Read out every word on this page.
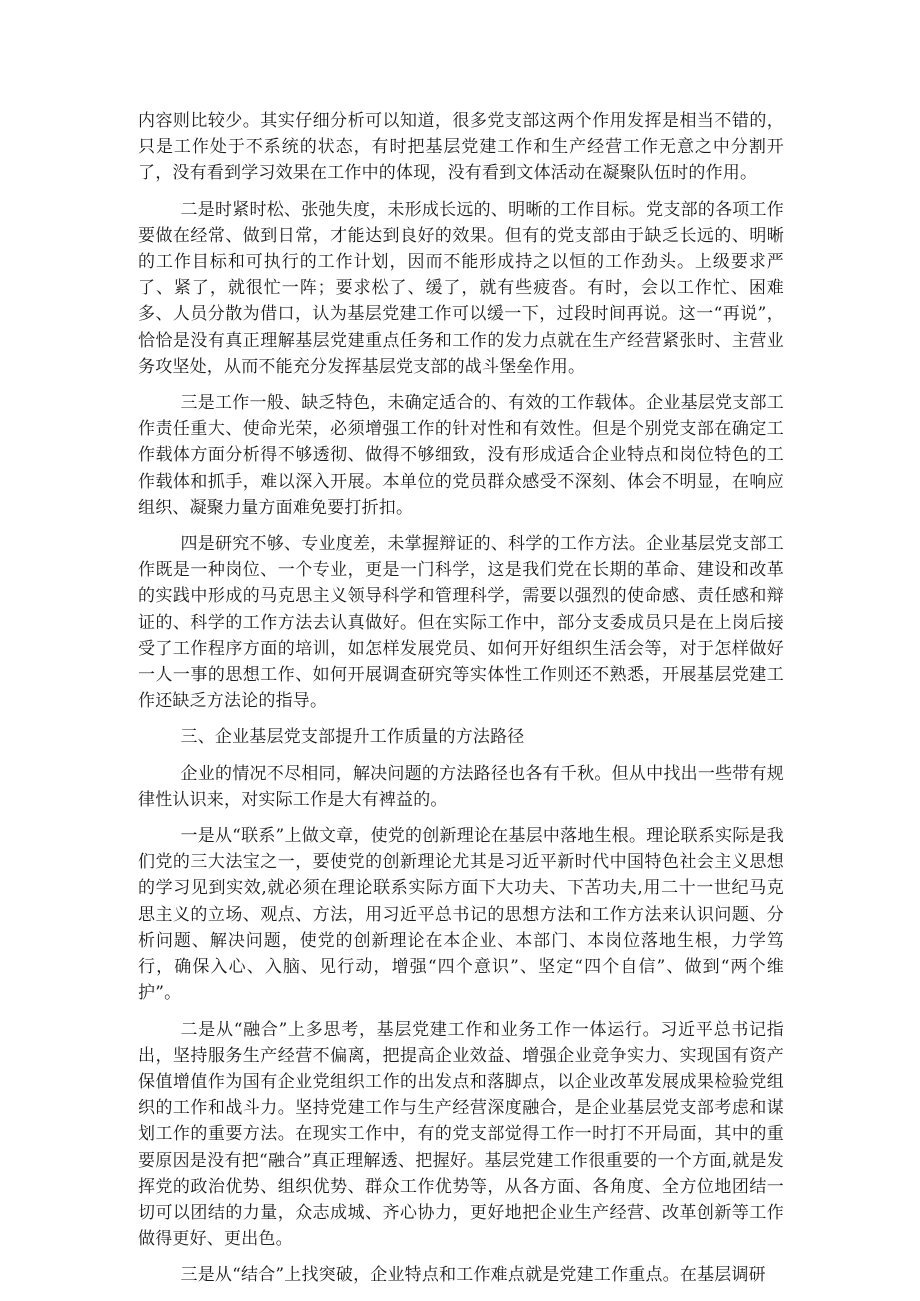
内容则比较少。其实仔细分析可以知道，很多党支部这两个作用发挥是相当不错的，只是工作处于不系统的状态，有时把基层党建工作和生产经营工作无意之中分割开了，没有看到学习效果在工作中的体现，没有看到文体活动在凝聚队伍时的作用。

二是时紧时松、张弛失度，未形成长远的、明晰的工作目标。党支部的各项工作要做在经常、做到日常，才能达到良好的效果。但有的党支部由于缺乏长远的、明晰的工作目标和可执行的工作计划，因而不能形成持之以恒的工作劲头。上级要求严了、紧了，就很忙一阵；要求松了、缓了，就有些疲沓。有时，会以工作忙、困难多、人员分散为借口，认为基层党建工作可以缓一下，过段时间再说。这一“再说”，恰恰是没有真正理解基层党建重点任务和工作的发力点就在生产经营紧张时、主营业务攻坚处，从而不能充分发挥基层党支部的战斗堡垒作用。

三是工作一般、缺乏特色，未确定适合的、有效的工作载体。企业基层党支部工作责任重大、使命光荣，必须增强工作的针对性和有效性。但是个别党支部在确定工作载体方面分析得不够透彻、做得不够细致，没有形成适合企业特点和岗位特色的工作载体和抓手，难以深入开展。本单位的党员群众感受不深刻、体会不明显，在响应组织、凝聚力量方面难免要打折扣。

四是研究不够、专业度差，未掌握辩证的、科学的工作方法。企业基层党支部工作既是一种岗位、一个专业，更是一门科学，这是我们党在长期的革命、建设和改革的实践中形成的马克思主义领导科学和管理科学，需要以强烈的使命感、责任感和辩证的、科学的工作方法去认真做好。但在实际工作中，部分支委成员只是在上岗后接受了工作程序方面的培训，如怎样发展党员、如何开好组织生活会等，对于怎样做好一人一事的思想工作、如何开展调查研究等实体性工作则还不熟悉，开展基层党建工作还缺乏方法论的指导。

三、企业基层党支部提升工作质量的方法路径

企业的情况不尽相同，解决问题的方法路径也各有千秋。但从中找出一些带有规律性认识来，对实际工作是大有裨益的。

一是从“联系”上做文章，使党的创新理论在基层中落地生根。理论联系实际是我们党的三大法宝之一，要使党的创新理论尤其是习近平新时代中国特色社会主义思想的学习见到实效,就必须在理论联系实际方面下大功夫、下苦功夫,用二十一世纪马克思主义的立场、观点、方法，用习近平总书记的思想方法和工作方法来认识问题、分析问题、解决问题，使党的创新理论在本企业、本部门、本岗位落地生根，力学笃行，确保入心、入脑、见行动，增强“四个意识”、坚定“四个自信”、做到“两个维护”。

二是从“融合”上多思考，基层党建工作和业务工作一体运行。习近平总书记指出，坚持服务生产经营不偏离，把提高企业效益、增强企业竞争实力、实现国有资产保值增值作为国有企业党组织工作的出发点和落脚点，以企业改革发展成果检验党组织的工作和战斗力。坚持党建工作与生产经营深度融合，是企业基层党支部考虑和谋划工作的重要方法。在现实工作中，有的党支部觉得工作一时打不开局面，其中的重要原因是没有把“融合”真正理解透、把握好。基层党建工作很重要的一个方面,就是发挥党的政治优势、组织优势、群众工作优势等，从各方面、各角度、全方位地团结一切可以团结的力量，众志成城、齐心协力，更好地把企业生产经营、改革创新等工作做得更好、更出色。

三是从“结合”上找突破，企业特点和工作难点就是党建工作重点。在基层调研
